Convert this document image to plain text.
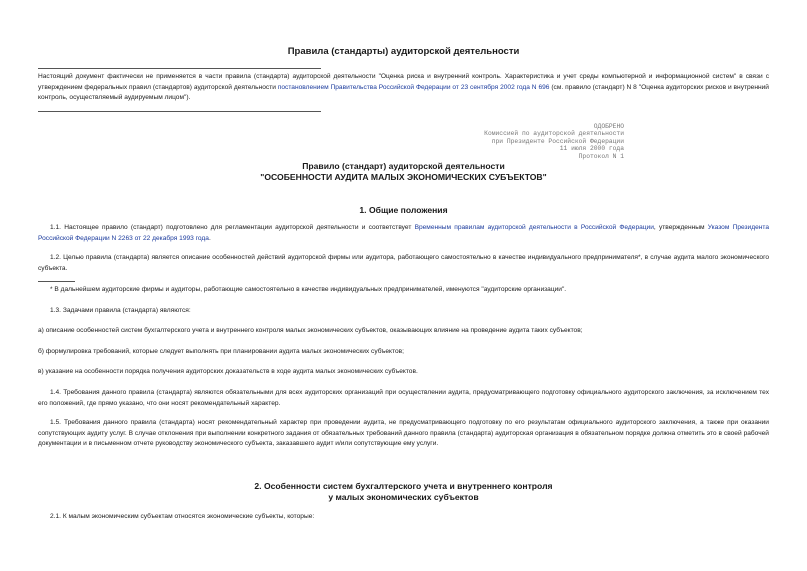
Правила (стандарты) аудиторской деятельности
Настоящий документ фактически не применяется в части правила (стандарта) аудиторской деятельности "Оценка риска и внутренний контроль. Характеристика и учет среды компьютерной и информационной систем" в связи с утверждением федеральных правил (стандартов) аудиторской деятельности постановлением Правительства Российской Федерации от 23 сентября 2002 года N 696 (см. правило (стандарт) N 8 "Оценка аудиторских рисков и внутренний контроль, осуществляемый аудируемым лицом").
ОДОБРЕНО
Комиссией по аудиторской деятельности
при Президенте Российской Федерации
11 июля 2000 года
Протокол N 1
Правило (стандарт) аудиторской деятельности
"ОСОБЕННОСТИ АУДИТА МАЛЫХ ЭКОНОМИЧЕСКИХ СУБЪЕКТОВ"
1. Общие положения
1.1. Настоящее правило (стандарт) подготовлено для регламентации аудиторской деятельности и соответствует Временным правилам аудиторской деятельности в Российской Федерации, утвержденным Указом Президента Российской Федерации N 2263 от 22 декабря 1993 года.
1.2. Целью правила (стандарта) является описание особенностей действий аудиторской фирмы или аудитора, работающего самостоятельно в качестве индивидуального предпринимателя*, в случае аудита малого экономического субъекта.
* В дальнейшем аудиторские фирмы и аудиторы, работающие самостоятельно в качестве индивидуальных предпринимателей, именуются "аудиторские организации".
1.3. Задачами правила (стандарта) являются:
а) описание особенностей систем бухгалтерского учета и внутреннего контроля малых экономических субъектов, оказывающих влияние на проведение аудита таких субъектов;
б) формулировка требований, которые следует выполнять при планировании аудита малых экономических субъектов;
в) указание на особенности порядка получения аудиторских доказательств в ходе аудита малых экономических субъектов.
1.4. Требования данного правила (стандарта) являются обязательными для всех аудиторских организаций при осуществлении аудита, предусматривающего подготовку официального аудиторского заключения, за исключением тех его положений, где прямо указано, что они носят рекомендательный характер.
1.5. Требования данного правила (стандарта) носят рекомендательный характер при проведении аудита, не предусматривающего подготовку по его результатам официального аудиторского заключения, а также при оказании сопутствующих аудиту услуг. В случае отклонения при выполнении конкретного задания от обязательных требований данного правила (стандарта) аудиторская организация в обязательном порядке должна отметить это в своей рабочей документации и в письменном отчете руководству экономического субъекта, заказавшего аудит и/или сопутствующие ему услуги.
2. Особенности систем бухгалтерского учета и внутреннего контроля
у малых экономических субъектов
2.1. К малым экономическим субъектам относятся экономические субъекты, которые:
